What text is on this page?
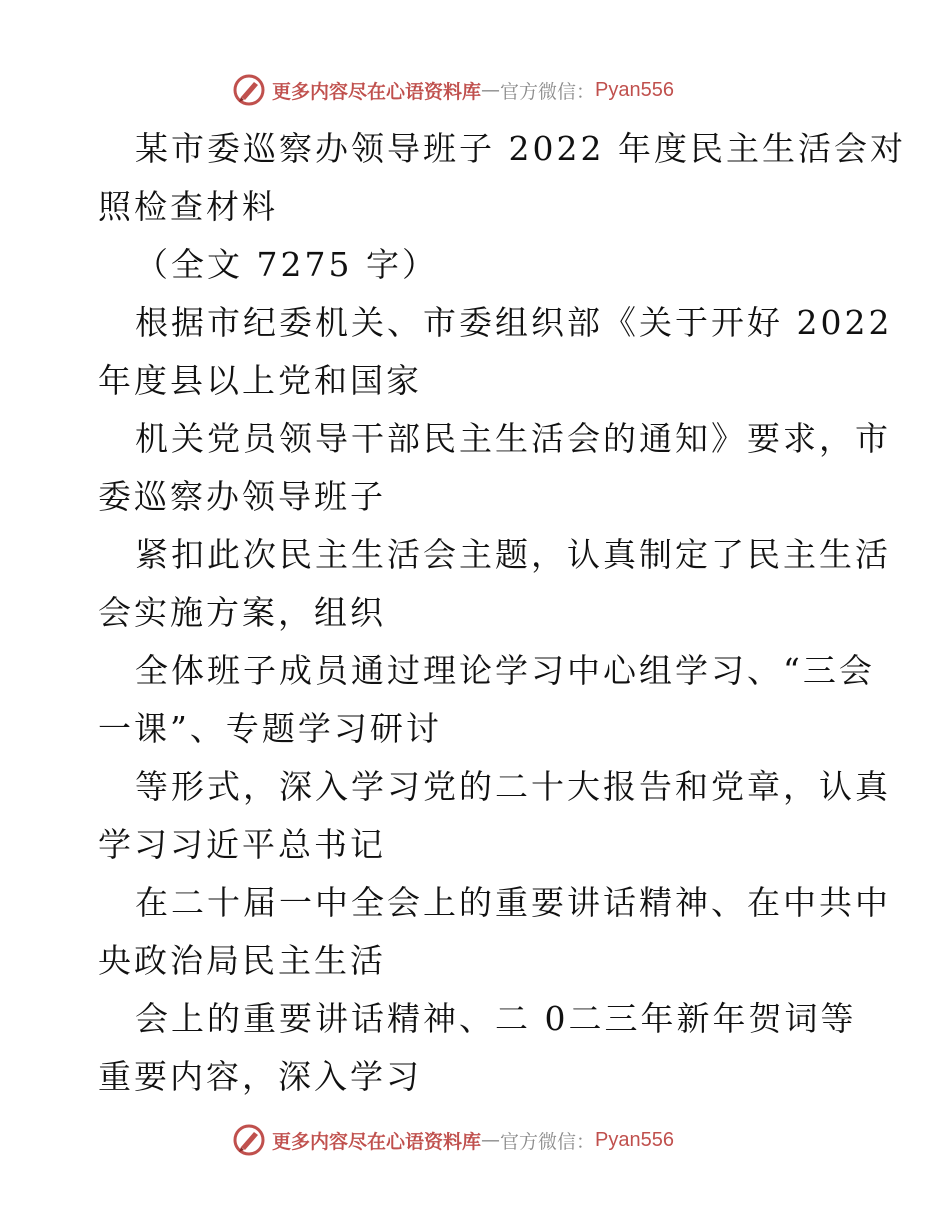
更多内容尽在心语资料库 — 官方微信： Pyan556
某市委巡察办领导班子 2022 年度民主生活会对
照检查材料
（全文 7275 字）
根据市纪委机关、市委组织部《关于开好 2022
年度县以上党和国家
机关党员领导干部民主生活会的通知》要求，市
委巡察办领导班子
紧扣此次民主生活会主题，认真制定了民主生活
会实施方案，组织
全体班子成员通过理论学习中心组学习、“三会
一课”、专题学习研讨
等形式，深入学习党的二十大报告和党章，认真
学习习近平总书记
在二十届一中全会上的重要讲话精神、在中共中
央政治局民主生活
会上的重要讲话精神、二 0二三年新年贺词等
重要内容，深入学习
更多内容尽在心语资料库 — 官方微信： Pyan556
